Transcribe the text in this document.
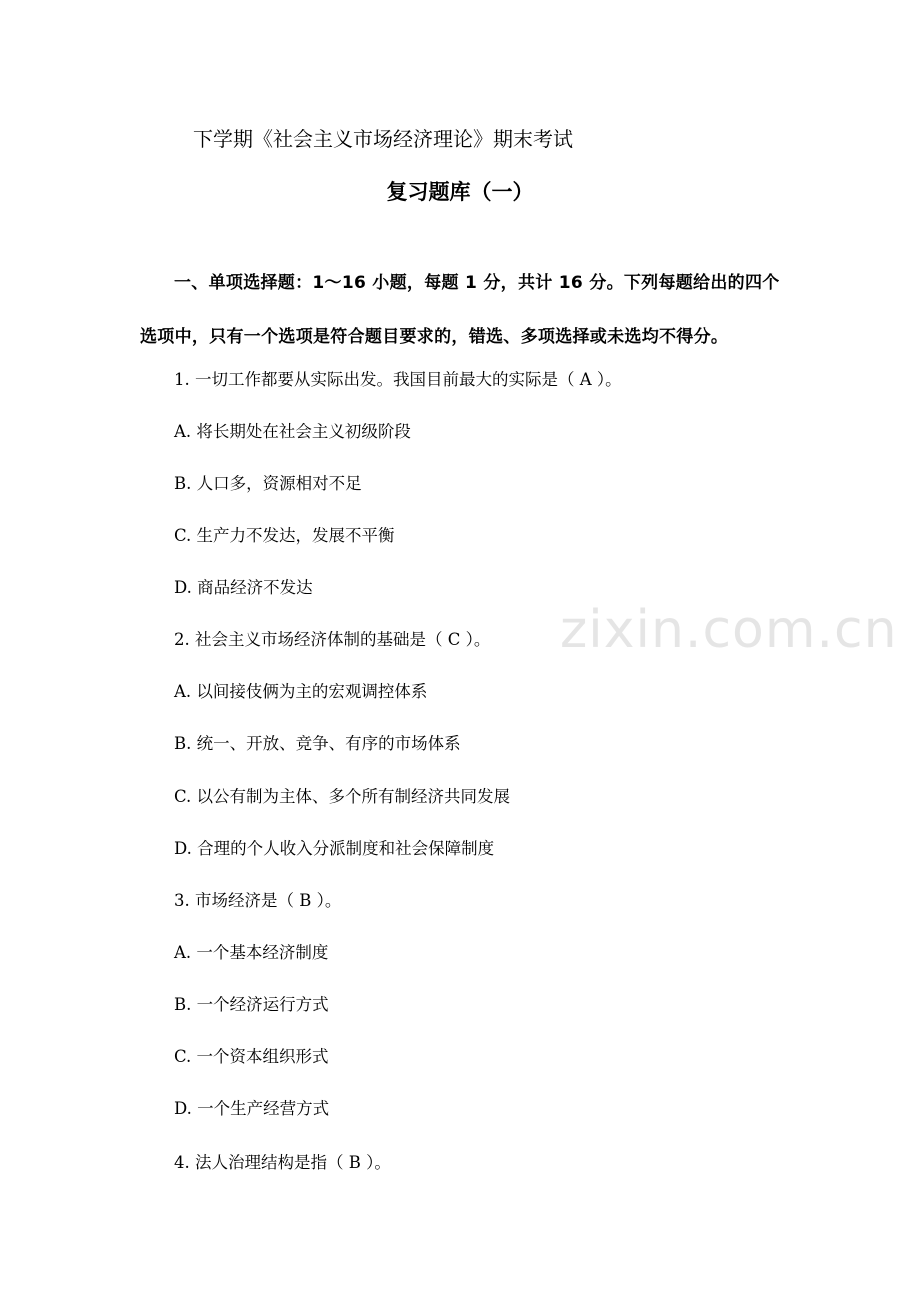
下学期《社会主义市场经济理论》期末考试
复习题库（一）
一、单项选择题：1～16 小题，每题 1 分，共计 16 分。下列每题给出的四个选项中，只有一个选项是符合题目要求的，错选、多项选择或未选均不得分。
1. 一切工作都要从实际出发。我国目前最大的实际是（ A ）。
A. 将长期处在社会主义初级阶段
B. 人口多，资源相对不足
C. 生产力不发达，发展不平衡
D. 商品经济不发达
2. 社会主义市场经济体制的基础是（ C ）。
A. 以间接伎俩为主的宏观调控体系
B. 统一、开放、竞争、有序的市场体系
C. 以公有制为主体、多个所有制经济共同发展
D. 合理的个人收入分派制度和社会保障制度
3. 市场经济是（ B ）。
A. 一个基本经济制度
B. 一个经济运行方式
C. 一个资本组织形式
D. 一个生产经营方式
4. 法人治理结构是指（ B ）。
zixin.com.cn
